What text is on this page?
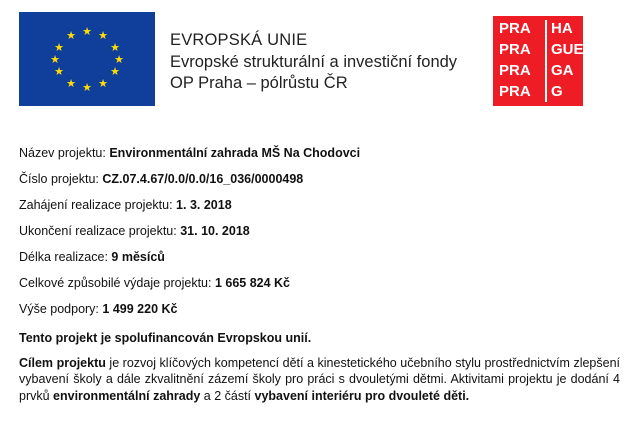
★ ★
★
★
★
★
★
★
★
★
★
★	EVROPSKÁ UNIE
Evropské strukturální a investiční fondy
OP Praha – pólrůstu ČR
PRA HA
PRA GUE
PRA GA
PRA G
Název projektu: Environmentální zahrada MŠ Na Chodovci
Číslo projektu: CZ.07.4.67/0.0/0.0/16_036/0000498
Zahájení realizace projektu: 1. 3. 2018
Ukončení realizace projektu: 31. 10. 2018
Délka realizace: 9 měsíců
Celkové způsobilé výdaje projektu: 1 665 824 Kč
Výše podpory: 1 499 220 Kč
Tento projekt je spolufinancován Evropskou unií.
Cílem projektu je rozvoj klíčových kompetencí dětí a kinestetického učebního stylu prostřednictvím zlepšení vybavení školy a dále zkvalitnění zázemí školy pro práci s dvouletými dětmi. Aktivitami projektu je dodání 4 prvků environmentální zahrady a 2 částí vybavení interiéru pro dvouleté děti.
